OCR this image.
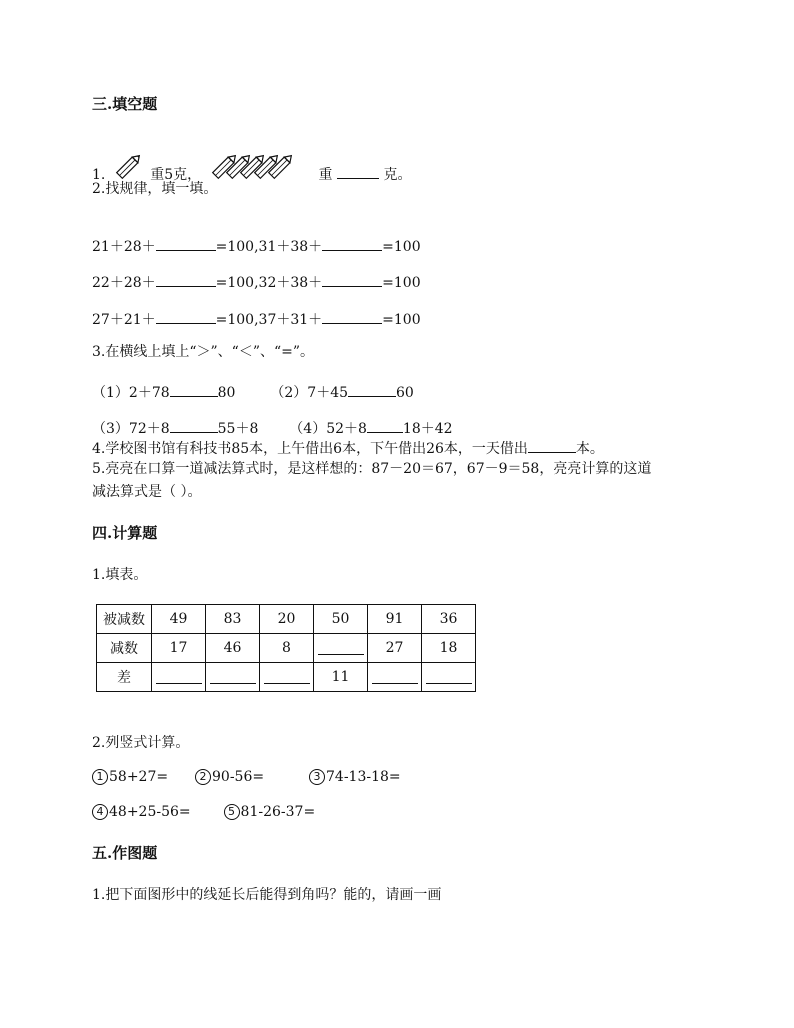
三.填空题
1.	重5克，	重	克。
2.找规律，填一填。
21＋28＋	=100,31＋38＋	=100
22＋28＋	=100,32＋38＋	=100
27＋21＋	=100,37＋31＋	=100
3.在横线上填上“＞”、“＜”、“=”。
（1）2＋78	80 （2）7＋45	60
（3）72＋8	55＋8 （4）52＋8	18＋42
4.学校图书馆有科技书85本，上午借出6本，下午借出26本，一天借出	本。
5.亮亮在口算一道减法算式时，是这样想的：87－20＝67，67－9＝58，亮亮计算的这道
减法算式是（ ）。
四.计算题
1.填表。
被减数	49	83	20	50	91	36
减数	17	46	8		27	18
差				11		
2.列竖式计算。
1 58+27=	2 90-56=	3 74-13-18=
4 48+25-56=	5 81-26-37=
五.作图题
1.把下面图形中的线延长后能得到角吗？能的，请画一画
